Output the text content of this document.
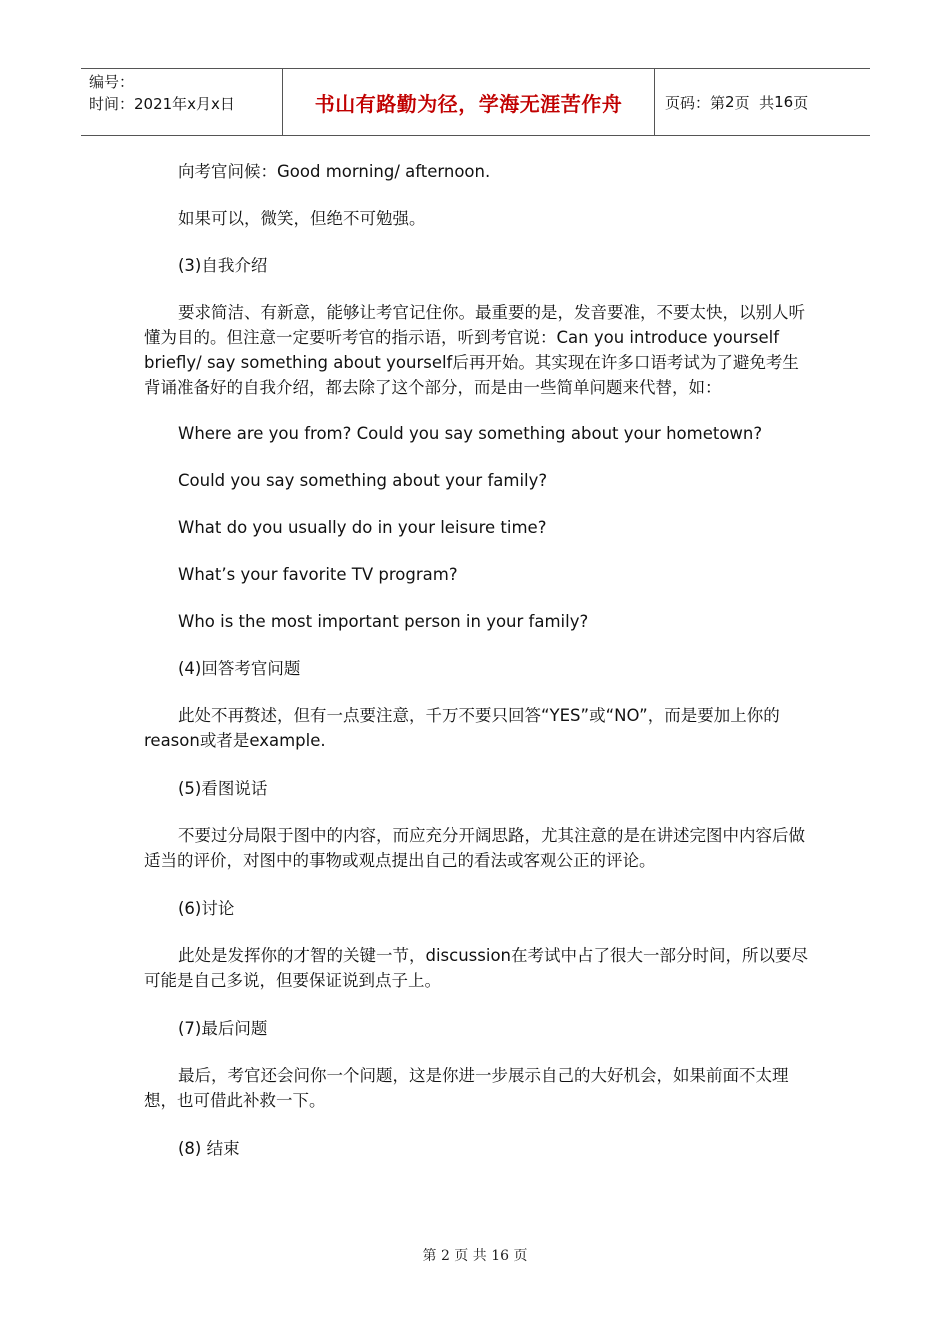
编号：
时间：2021年x月x日	书山有路勤为径，学海无涯苦作舟	页码：第 2 页  共 16 页

向考官问候：Good morning/ afternoon.

如果可以，微笑，但绝不可勉强。

(3)自我介绍

要求简洁、有新意，能够让考官记住你。最重要的是，发音要准，不要太快，以别人听懂为目的。但注意一定要听考官的指示语，听到考官说：Can you introduce yourself briefly/ say something about yourself后再开始。其实现在许多口语考试为了避免考生背诵准备好的自我介绍，都去除了这个部分，而是由一些简单问题来代替，如：

Where are you from? Could you say something about your hometown?

Could you say something about your family?

What do you usually do in your leisure time?

What’s your favorite TV program?

Who is the most important person in your family?

(4)回答考官问题

此处不再赘述，但有一点要注意，千万不要只回答“YES”或“NO”，而是要加上你的reason或者是example.

(5)看图说话

不要过分局限于图中的内容，而应充分开阔思路，尤其注意的是在讲述完图中内容后做适当的评价，对图中的事物或观点提出自己的看法或客观公正的评论。

(6)讨论

此处是发挥你的才智的关键一节，discussion在考试中占了很大一部分时间，所以要尽可能是自己多说，但要保证说到点子上。

(7)最后问题

最后，考官还会问你一个问题，这是你进一步展示自己的大好机会，如果前面不太理想，也可借此补救一下。

(8) 结束

第 2 页 共 16 页
